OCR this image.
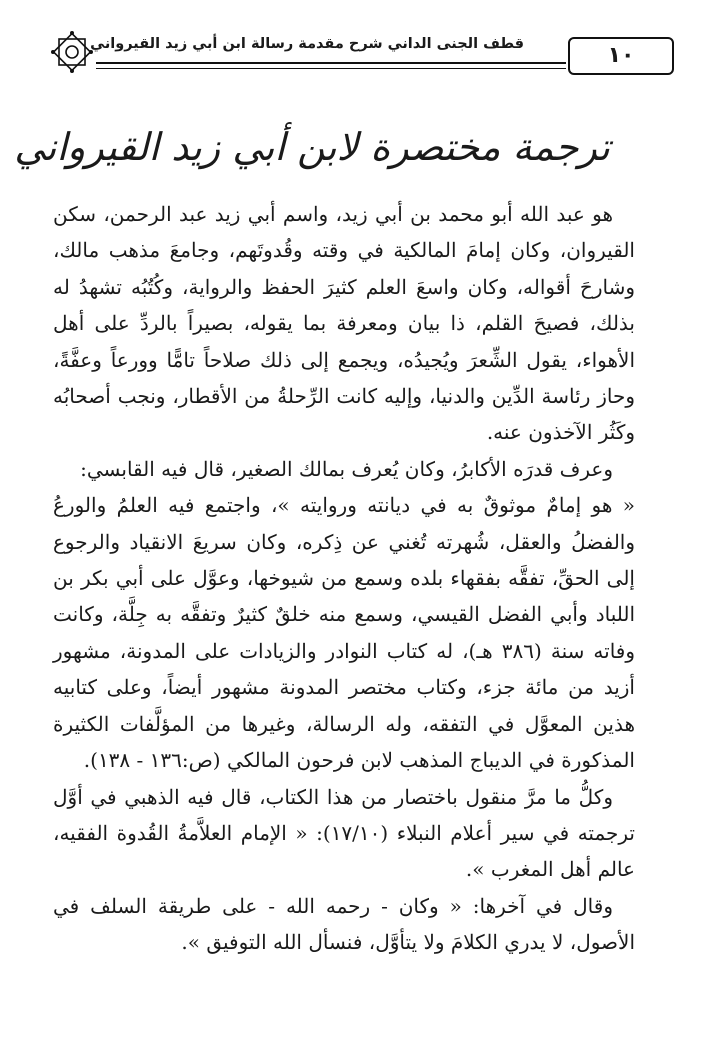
قطف الجنى الداني شرح مقدمة رسالة ابن أبي زيد القيرواني	١٠
ترجمة مختصرة لابن أبي زيد القيرواني

هو عبد الله أبو محمد بن أبي زيد، واسم أبي زيد عبد الرحمن، سكن القيروان، وكان إمامَ المالكية في وقته وقُدوتَهم، وجامعَ مذهب مالك، وشارحَ أقواله، وكان واسعَ العلم كثيرَ الحفظ والرواية، وكُتُبُه تشهدُ له بذلك، فصيحَ القلم، ذا بيان ومعرفة بما يقوله، بصيراً بالردِّ على أهل الأهواء، يقول الشِّعرَ ويُجيدُه، ويجمع إلى ذلك صلاحاً تامًّا وورعاً وعفَّةً، وحاز رئاسة الدِّين والدنيا، وإليه كانت الرِّحلةُ من الأقطار، ونجب أصحابُه وكَثُر الآخذون عنه.

وعرف قدرَه الأكابرُ، وكان يُعرف بمالك الصغير، قال فيه القابسي:

« هو إمامٌ موثوقٌ به في ديانته وروايته »، واجتمع فيه العلمُ والورعُ والفضلُ والعقل، شُهرته تُغني عن ذِكره، وكان سريعَ الانقياد والرجوع إلى الحقِّ، تفقَّه بفقهاء بلده وسمع من شيوخها، وعوَّل على أبي بكر بن اللباد وأبي الفضل القيسي، وسمع منه خلقٌ كثيرٌ وتفقَّه به جِلَّة، وكانت وفاته سنة (٣٨٦ هـ)، له كتاب النوادر والزيادات على المدونة، مشهور أزيد من مائة جزء، وكتاب مختصر المدونة مشهور أيضاً، وعلى كتابيه هذين المعوَّل في التفقه، وله الرسالة، وغيرها من المؤلَّفات الكثيرة المذكورة في الديباج المذهب لابن فرحون المالكي (ص:١٣٦ - ١٣٨).

وكلُّ ما مرَّ منقول باختصار من هذا الكتاب، قال فيه الذهبي في أوَّل ترجمته في سير أعلام النبلاء (١٧/١٠): « الإمام العلاَّمةُ القُدوة الفقيه، عالم أهل المغرب ».

وقال في آخرها: « وكان - رحمه الله - على طريقة السلف في الأصول، لا يدري الكلامَ ولا يتأوَّل، فنسأل الله التوفيق ».
